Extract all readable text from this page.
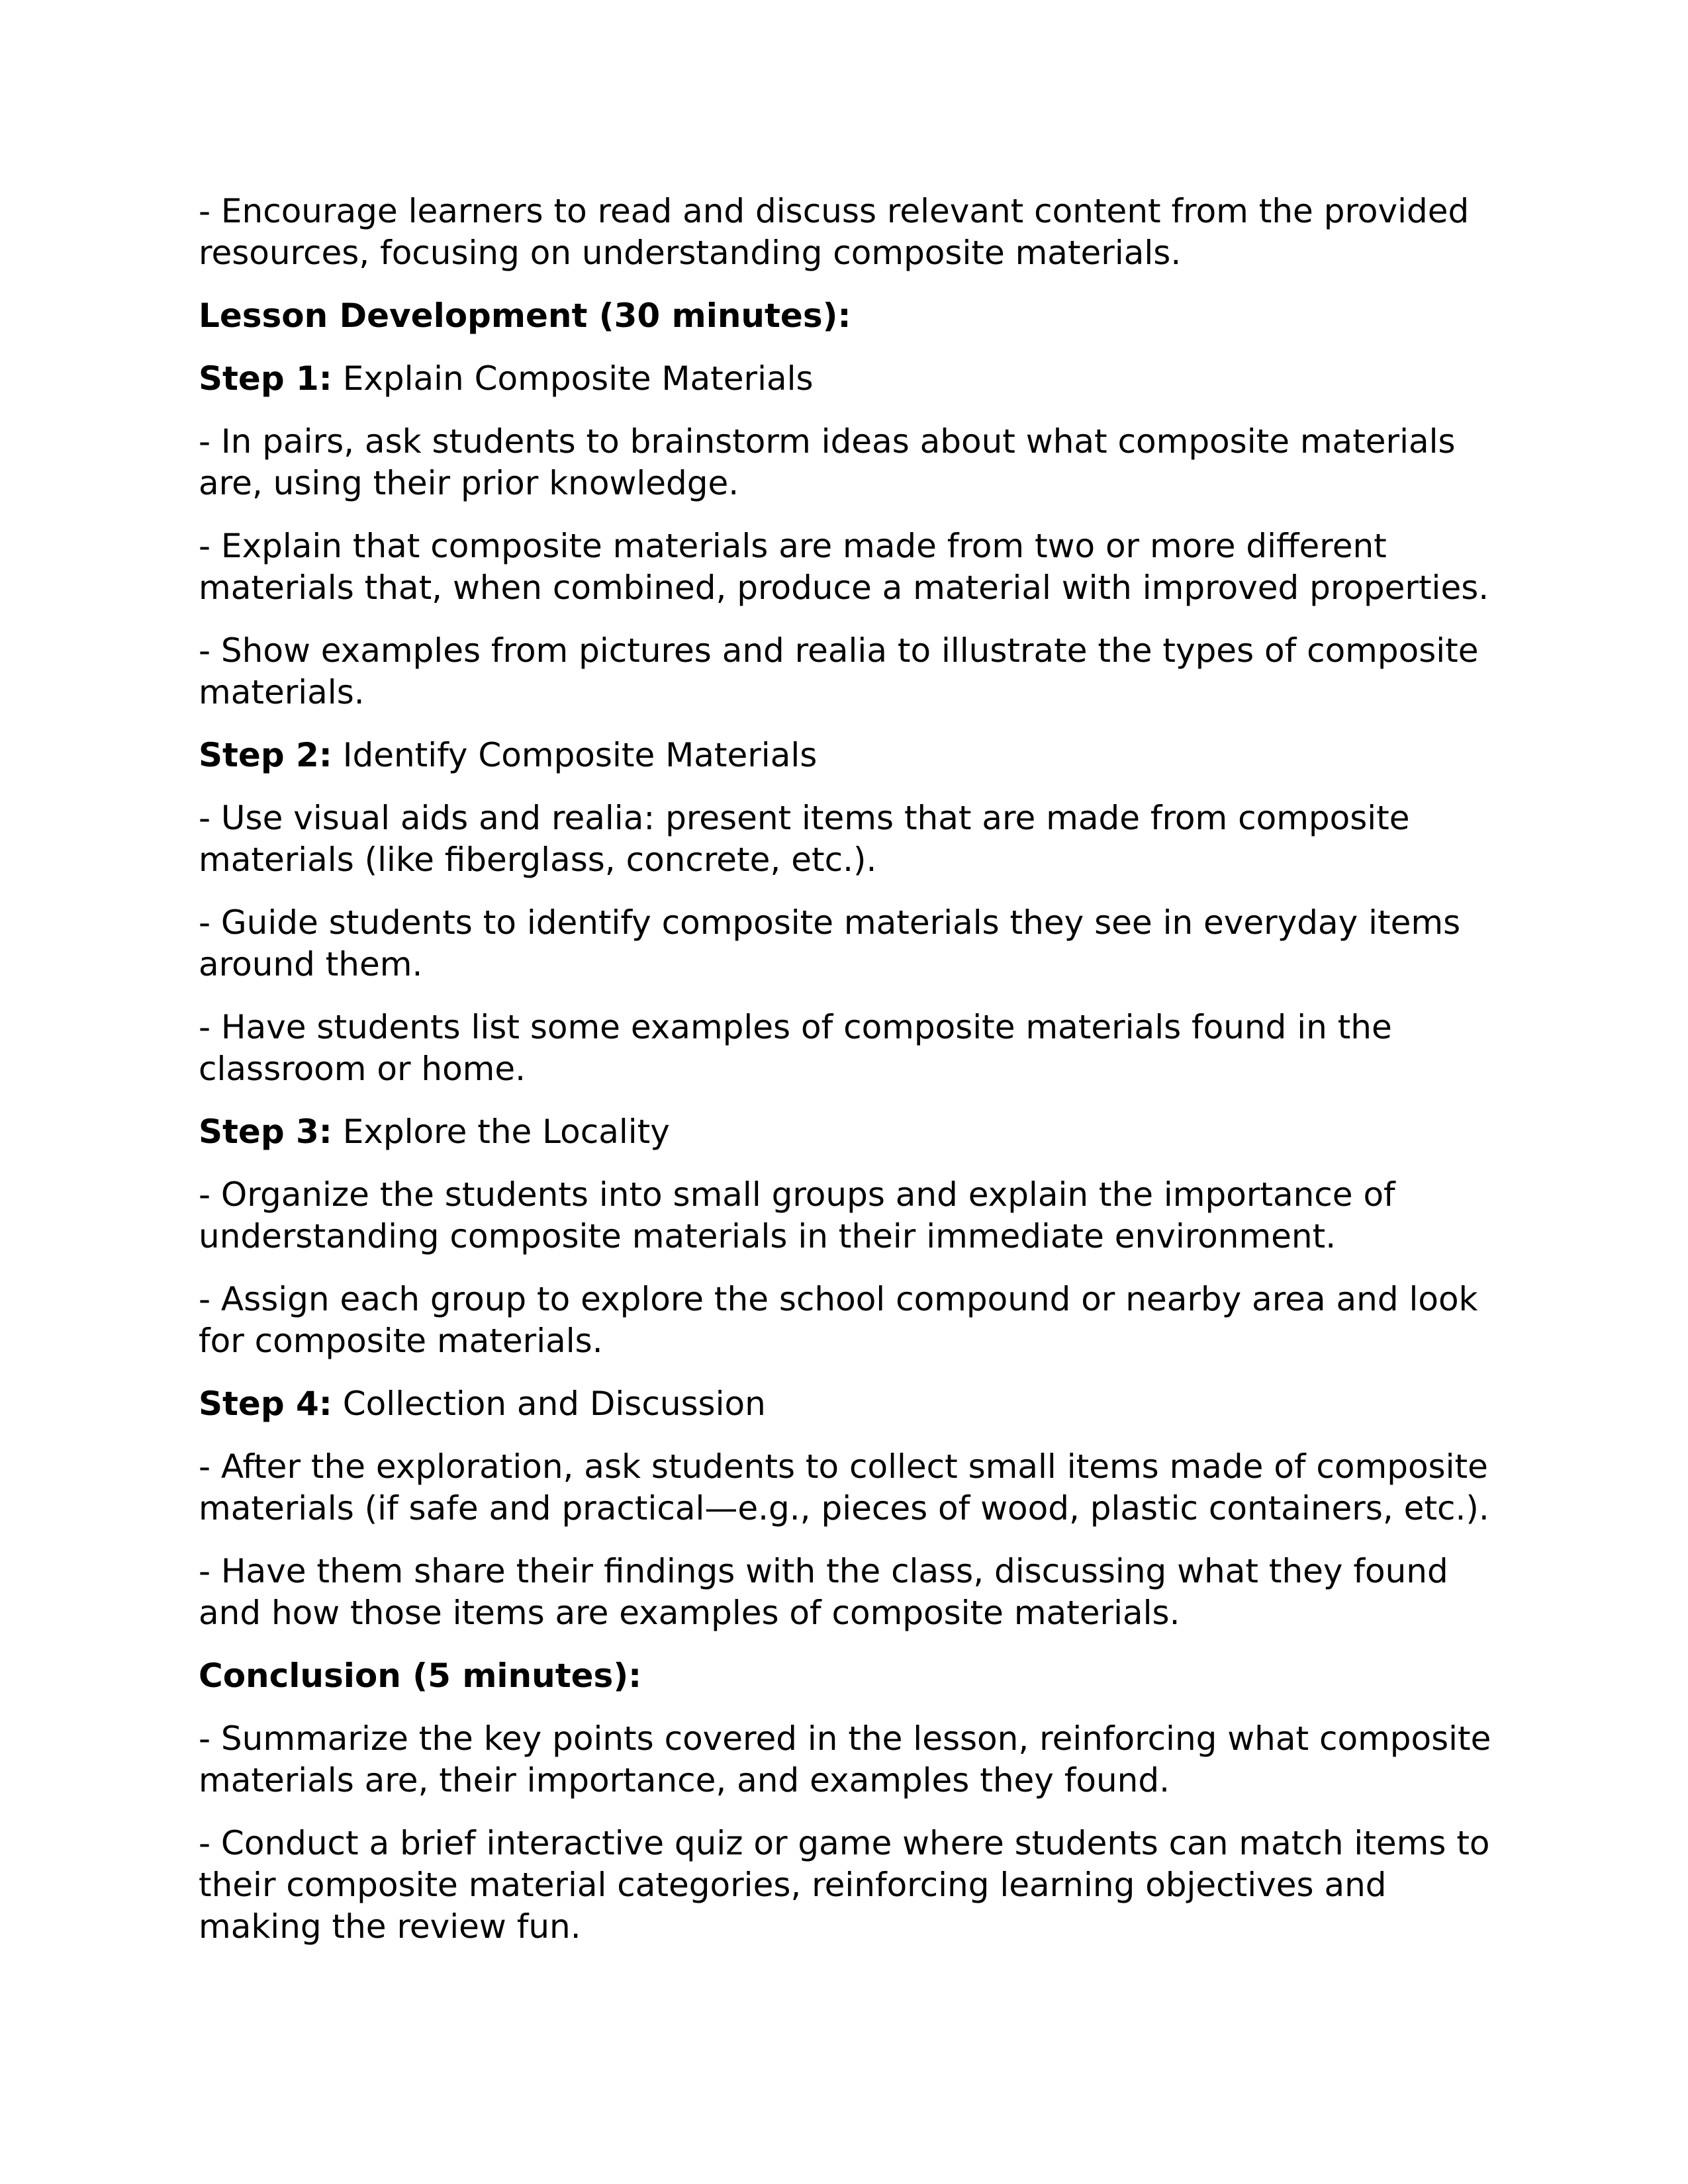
- Encourage learners to read and discuss relevant content from the provided resources, focusing on understanding composite materials.

Lesson Development (30 minutes):

Step 1: Explain Composite Materials

- In pairs, ask students to brainstorm ideas about what composite materials are, using their prior knowledge.

- Explain that composite materials are made from two or more different materials that, when combined, produce a material with improved properties.

- Show examples from pictures and realia to illustrate the types of composite materials.

Step 2: Identify Composite Materials

- Use visual aids and realia: present items that are made from composite materials (like fiberglass, concrete, etc.).

- Guide students to identify composite materials they see in everyday items around them.

- Have students list some examples of composite materials found in the classroom or home.

Step 3: Explore the Locality

- Organize the students into small groups and explain the importance of understanding composite materials in their immediate environment.

- Assign each group to explore the school compound or nearby area and look for composite materials.

Step 4: Collection and Discussion

- After the exploration, ask students to collect small items made of composite materials (if safe and practical—e.g., pieces of wood, plastic containers, etc.).

- Have them share their findings with the class, discussing what they found and how those items are examples of composite materials.

Conclusion (5 minutes):

- Summarize the key points covered in the lesson, reinforcing what composite materials are, their importance, and examples they found.

- Conduct a brief interactive quiz or game where students can match items to their composite material categories, reinforcing learning objectives and making the review fun.
